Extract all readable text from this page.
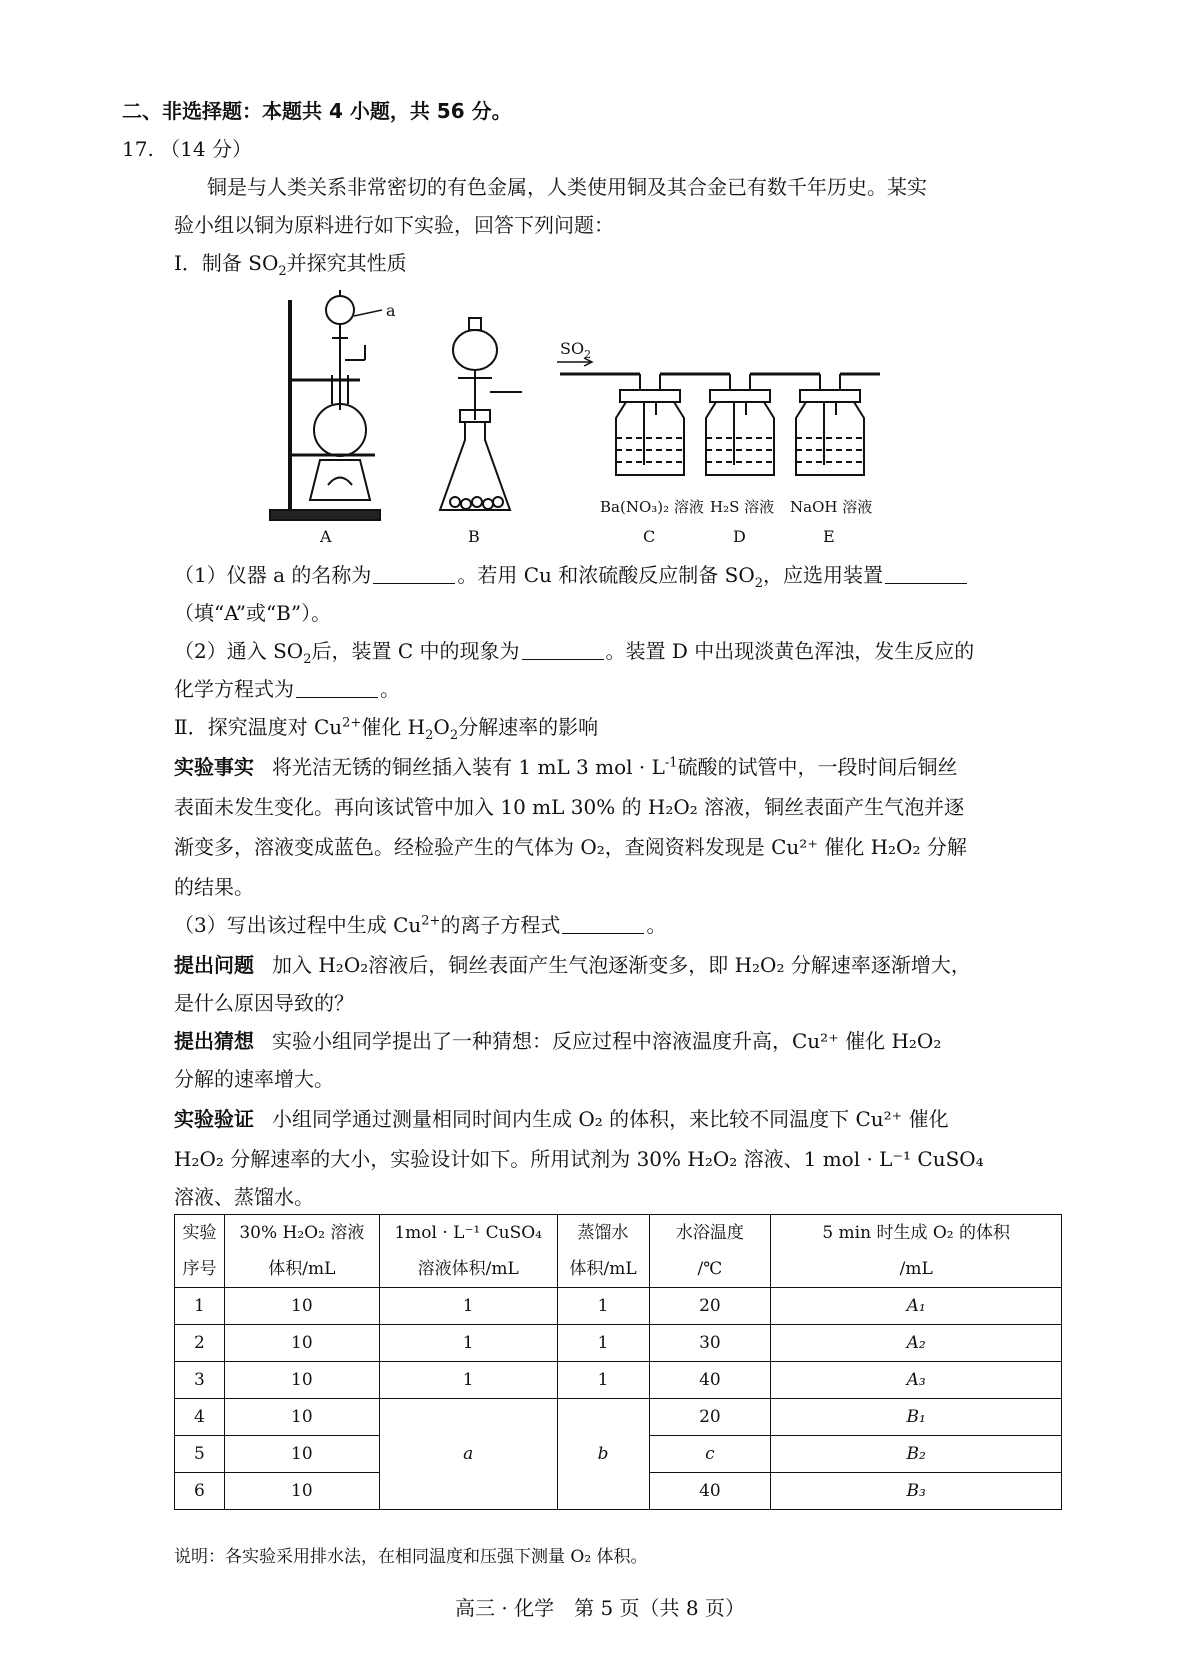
二、非选择题：本题共 4 小题，共 56 分。
17. （14 分）
铜是与人类关系非常密切的有色金属，人类使用铜及其合金已有数千年历史。某实
验小组以铜为原料进行如下实验，回答下列问题：
Ⅰ．制备 $SO_2$并探究其性质
a
$SO_2$
A	B	C	D	E
Ba(NO₃)₂ 溶液 H₂S 溶液 NaOH 溶液
（1）仪器 a 的名称为	。若用 Cu 和浓硫酸反应制备 $SO_2$，应选用装置
（填“A”或“B”）。
（2）通入 $SO_2$后，装置 C 中的现象为	。装置 D 中出现淡黄色浑浊，发生反应的
化学方程式为	。
Ⅱ．探究温度对 $Cu^{2+}$催化 $H_2O_2$分解速率的影响
实验事实 将光洁无锈的铜丝插入装有 1 mL 3 mol · $L^{-1}$硫酸的试管中，一段时间后铜丝
表面未发生变化。再向该试管中加入 10 mL 30% 的 H₂O₂ 溶液，铜丝表面产生气泡并逐
渐变多，溶液变成蓝色。经检验产生的气体为 O₂，查阅资料发现是 Cu²⁺ 催化 H₂O₂ 分解
的结果。
（3）写出该过程中生成 $Cu^{2+}$的离子方程式	。
提出问题 加入 H₂O₂溶液后，铜丝表面产生气泡逐渐变多，即 H₂O₂ 分解速率逐渐增大，
是什么原因导致的？
提出猜想 实验小组同学提出了一种猜想：反应过程中溶液温度升高，Cu²⁺ 催化 H₂O₂
分解的速率增大。
实验验证 小组同学通过测量相同时间内生成 O₂ 的体积，来比较不同温度下 Cu²⁺ 催化
H₂O₂ 分解速率的大小，实验设计如下。所用试剂为 30% H₂O₂ 溶液、1 mol · L⁻¹ CuSO₄
溶液、蒸馏水。
实验	30% H₂O₂ 溶液	1mol · L⁻¹ CuSO₄	蒸馏水	水浴温度	5 min 时生成 O₂ 的体积
序号	体积/mL	溶液体积/mL	体积/mL	/℃	/mL
1	10	1	1	20	A₁
2	10	1	1	30	A₂
3	10	1	1	40	A₃
4	10	a	b	20	B₁
5	10			c	B₂
6	10			40	B₃
说明：各实验采用排水法，在相同温度和压强下测量 O₂ 体积。
高三 · 化学　第 5 页（共 8 页）
